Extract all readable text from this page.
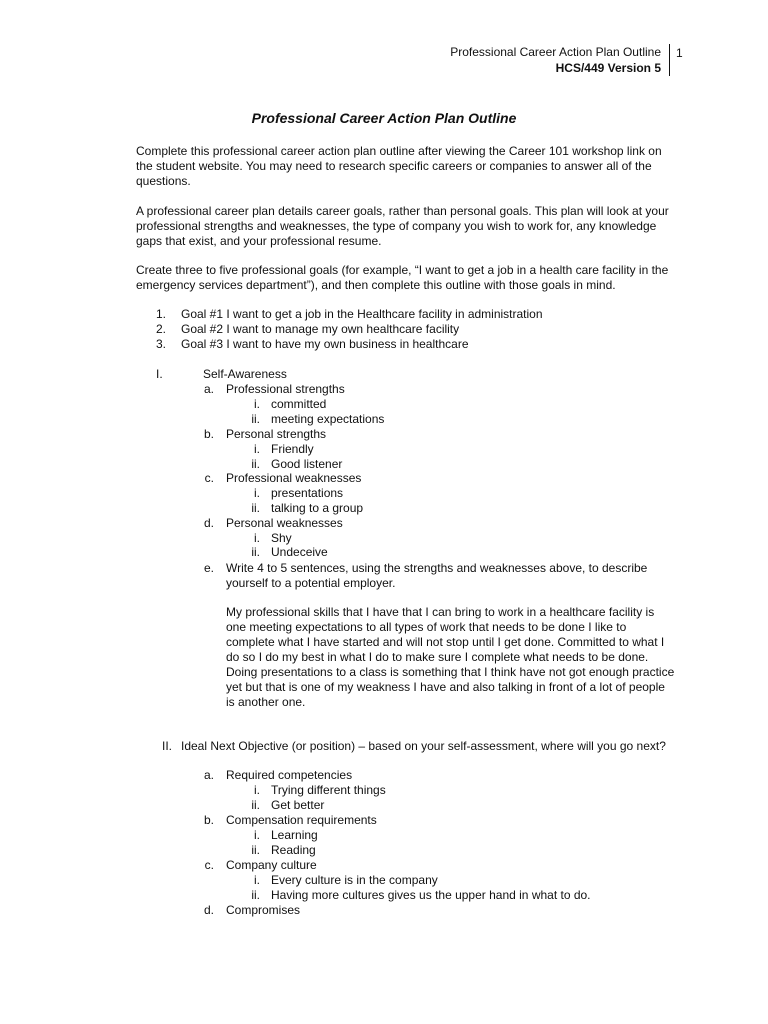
Professional Career Action Plan Outline
HCS/449 Version 5
1
Professional Career Action Plan Outline

Complete this professional career action plan outline after viewing the Career 101 workshop link on the student website. You may need to research specific careers or companies to answer all of the questions.

A professional career plan details career goals, rather than personal goals. This plan will look at your professional strengths and weaknesses, the type of company you wish to work for, any knowledge gaps that exist, and your professional resume.

Create three to five professional goals (for example, “I want to get a job in a health care facility in the emergency services department”), and then complete this outline with those goals in mind.

1. Goal #1 I want to get a job in the Healthcare facility in administration
2. Goal #2 I want to manage my own healthcare facility
3. Goal #3 I want to have my own business in healthcare
I.	Self-Awareness
a. Professional strengths
i. committed
ii. meeting expectations
b. Personal strengths
i. Friendly
ii. Good listener
c. Professional weaknesses
i. presentations
ii. talking to a group
d. Personal weaknesses
i. Shy
ii. Undeceive
e. Write 4 to 5 sentences, using the strengths and weaknesses above, to describe yourself to a potential employer.
My professional skills that I have that I can bring to work in a healthcare facility is one meeting expectations to all types of work that needs to be done I like to complete what I have started and will not stop until I get done. Committed to what I do so I do my best in what I do to make sure I complete what needs to be done. Doing presentations to a class is something that I think have not got enough practice yet but that is one of my weakness I have and also talking in front of a lot of people is another one.
II. Ideal Next Objective (or position) – based on your self-assessment, where will you go next?
a. Required competencies
i. Trying different things
ii. Get better
b. Compensation requirements
i. Learning
ii. Reading
c. Company culture
i. Every culture is in the company
ii. Having more cultures gives us the upper hand in what to do.
d. Compromises
